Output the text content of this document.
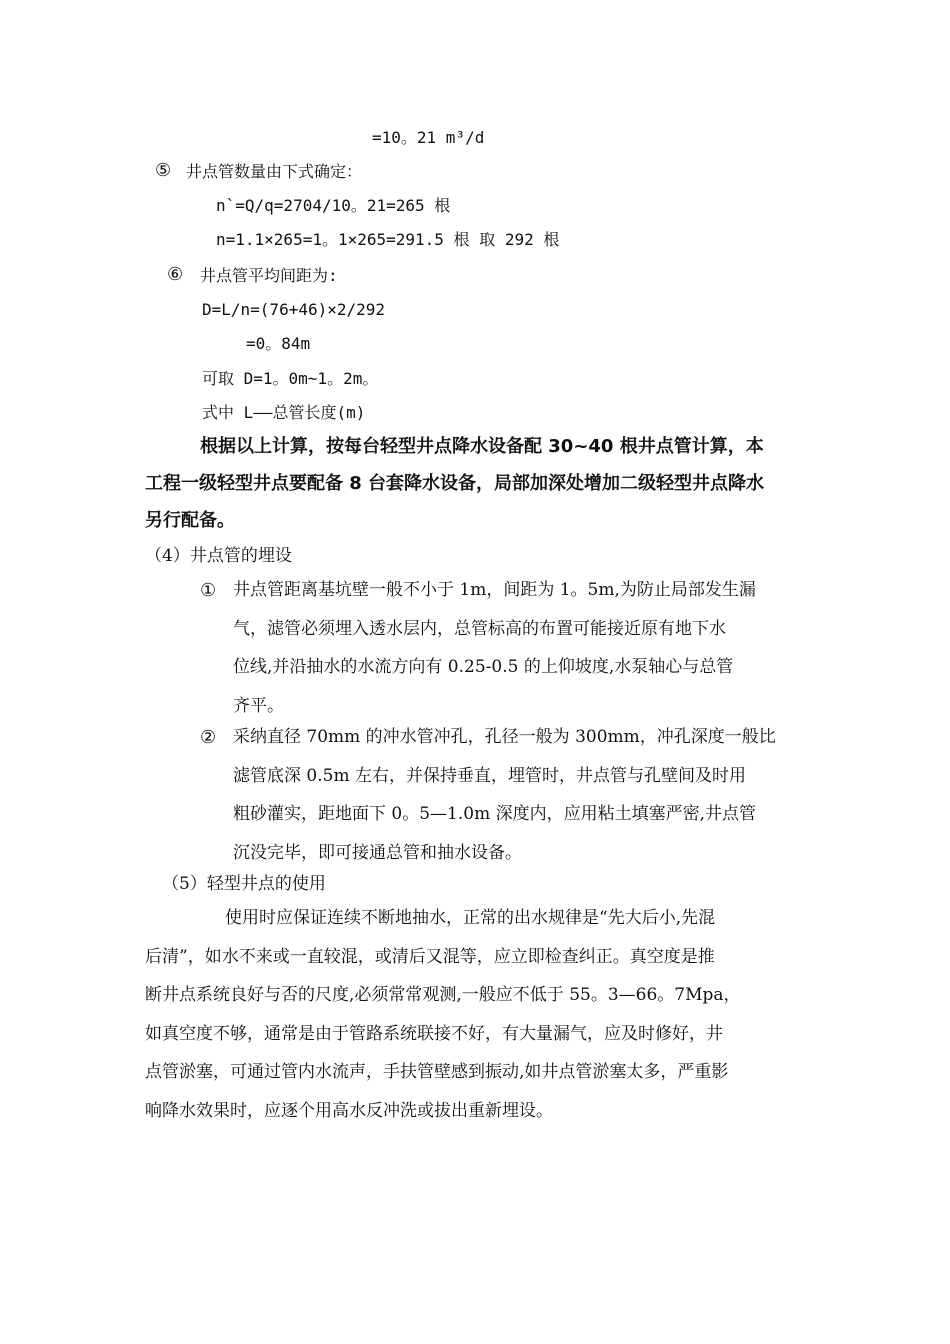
=10。21 m³/d
⑤ 井点管数量由下式确定：
n`=Q/q=2704/10。21=265 根
n=1.1×265=1。1×265=291.5 根 取 292 根
⑥ 井点管平均间距为:
D=L/n=(76+46)×2/292
=0。84m
可取 D=1。0m~1。2m。
式中 L——总管长度(m)
根据以上计算，按每台轻型井点降水设备配 30~40 根井点管计算，本
工程一级轻型井点要配备 8 台套降水设备，局部加深处增加二级轻型井点降水
另行配备。
（4）井点管的埋设
① 井点管距离基坑壁一般不小于 1m，间距为 1。5m,为防止局部发生漏
气，滤管必须埋入透水层内，总管标高的布置可能接近原有地下水
位线,并沿抽水的水流方向有 0.25-0.5 的上仰坡度,水泵轴心与总管
齐平。
② 采纳直径 70mm 的冲水管冲孔，孔径一般为 300mm，冲孔深度一般比
滤管底深 0.5m 左右，并保持垂直，埋管时，井点管与孔壁间及时用
粗砂灌实，距地面下 0。5—1.0m 深度内，应用粘土填塞严密,井点管
沉没完毕，即可接通总管和抽水设备。
（5）轻型井点的使用
使用时应保证连续不断地抽水，正常的出水规律是“先大后小,先混
后清”，如水不来或一直较混，或清后又混等，应立即检查纠正。真空度是推
断井点系统良好与否的尺度,必须常常观测,一般应不低于 55。3—66。7Mpa，
如真空度不够，通常是由于管路系统联接不好，有大量漏气，应及时修好，井
点管淤塞，可通过管内水流声，手扶管壁感到振动,如井点管淤塞太多，严重影
响降水效果时，应逐个用高水反冲洗或拔出重新埋设。
